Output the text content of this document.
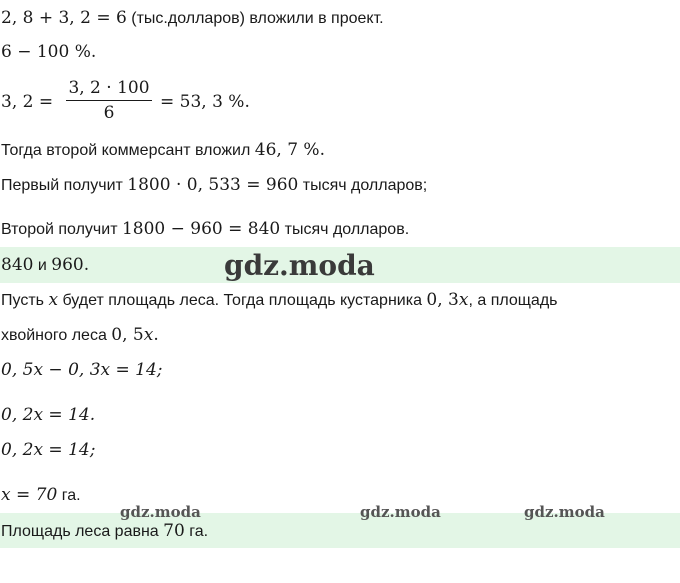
2, 8 + 3, 2 = 6 (тыс.долларов) вложили в проект.
6 − 100 %.
3, 2 =
3, 2 · 100
6
= 53, 3 %.
Тогда второй коммерсант вложил 46, 7 %.
Первый получит 1800 · 0, 533 = 960 тысяч долларов;
Второй получит 1800 − 960 = 840 тысяч долларов.
840 и 960.	gdz.moda
Пусть x будет площадь леса. Тогда площадь кустарника 0, 3x, а площадь
хвойного леса 0, 5x.
0, 5x − 0, 3x = 14;
0, 2x = 14.
0, 2x = 14;
x = 70 га.
gdz.moda	gdz.moda	gdz.moda
Площадь леса равна 70 га.
